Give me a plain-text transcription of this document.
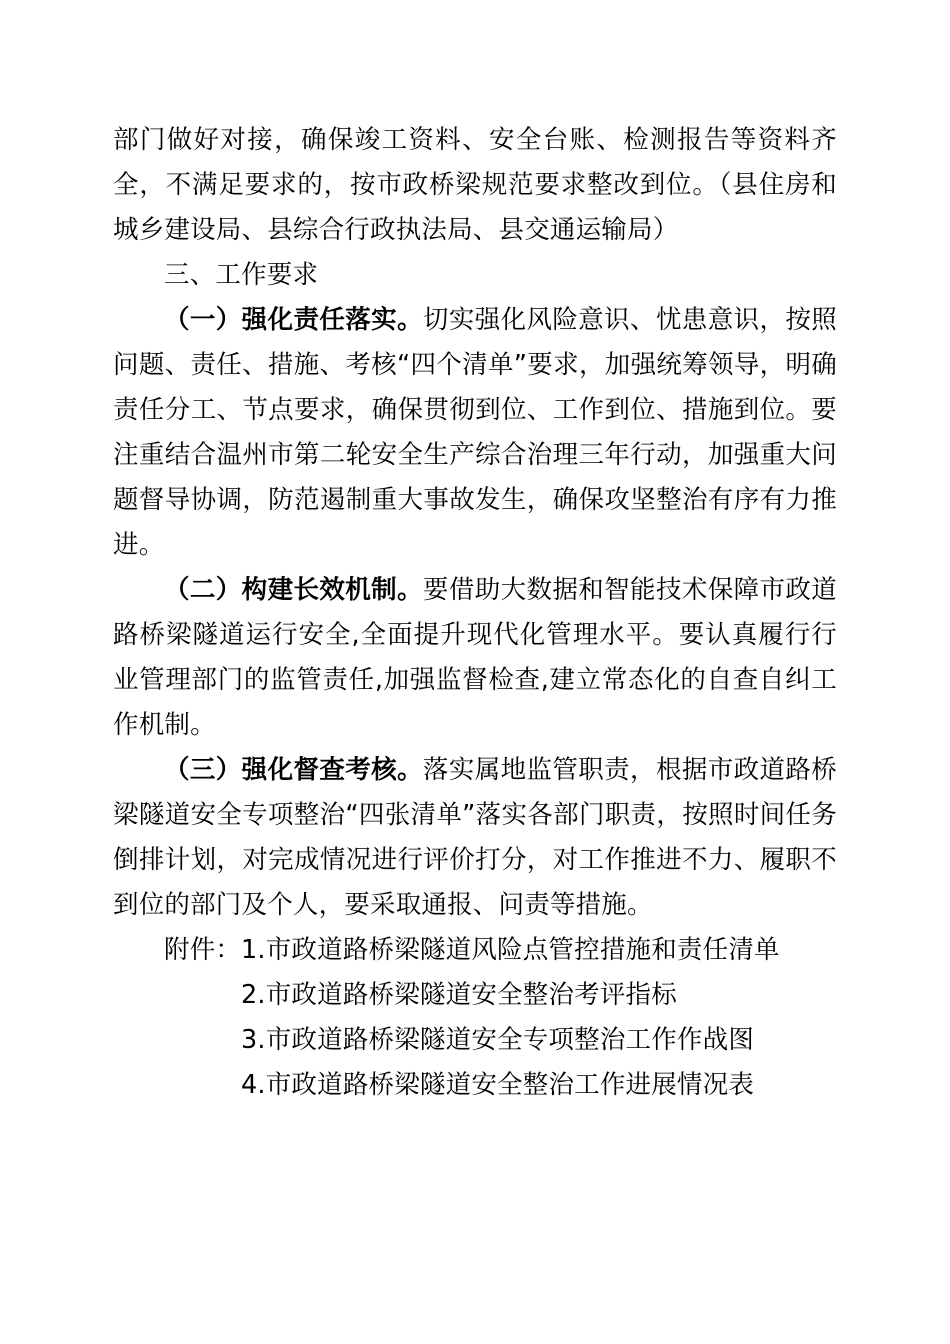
部门做好对接，确保竣工资料、安全台账、检测报告等资料齐全，不满足要求的，按市政桥梁规范要求整改到位。（县住房和城乡建设局、县综合行政执法局、县交通运输局）

三、工作要求

（一）强化责任落实。切实强化风险意识、忧患意识，按照问题、责任、措施、考核“四个清单”要求，加强统筹领导，明确责任分工、节点要求，确保贯彻到位、工作到位、措施到位。要注重结合温州市第二轮安全生产综合治理三年行动，加强重大问题督导协调，防范遏制重大事故发生，确保攻坚整治有序有力推进。

（二）构建长效机制。要借助大数据和智能技术保障市政道路桥梁隧道运行安全,全面提升现代化管理水平。要认真履行行业管理部门的监管责任,加强监督检查,建立常态化的自查自纠工作机制。

（三）强化督查考核。落实属地监管职责，根据市政道路桥梁隧道安全专项整治“四张清单”落实各部门职责，按照时间任务倒排计划，对完成情况进行评价打分，对工作推进不力、履职不到位的部门及个人，要采取通报、问责等措施。

附件： 1.市政道路桥梁隧道风险点管控措施和责任清单
2.市政道路桥梁隧道安全整治考评指标
3.市政道路桥梁隧道安全专项整治工作作战图
4.市政道路桥梁隧道安全整治工作进展情况表
